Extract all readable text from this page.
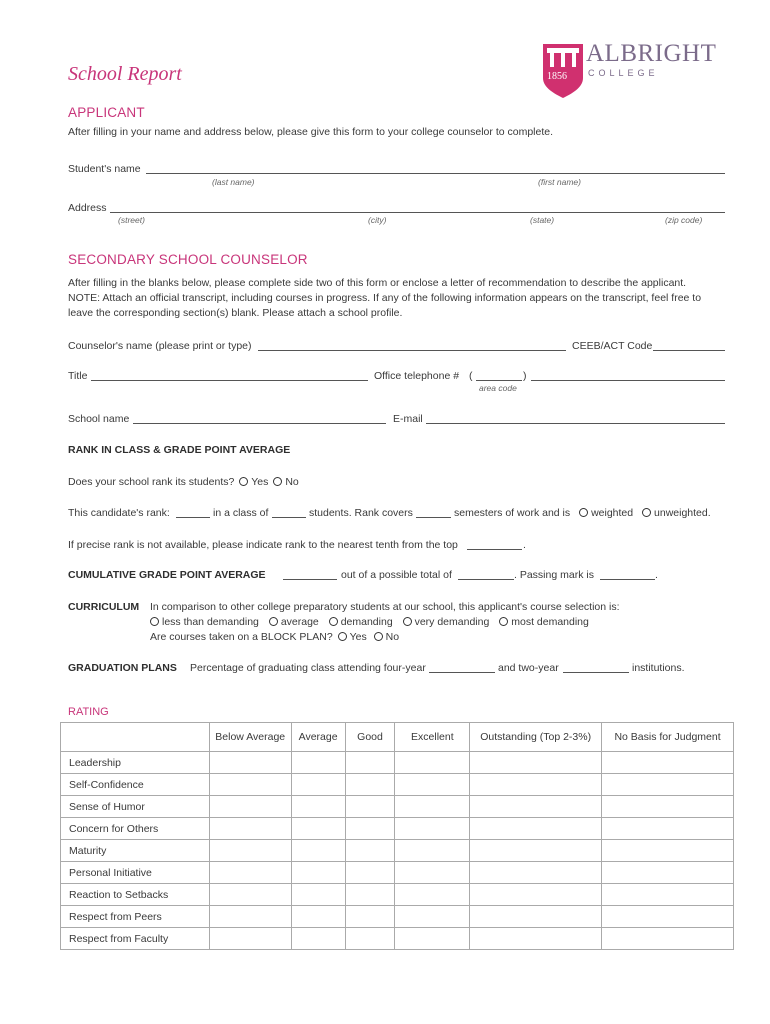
School Report	1856
ALBRIGHT
COLLEGE
APPLICANT
After filling in your name and address below, please give this form to your college counselor to complete.
Student's name
(last name)	(first name)
Address
(street)	(city)	(state)	(zip code)
SECONDARY SCHOOL COUNSELOR
After filling in the blanks below, please complete side two of this form or enclose a letter of recommendation to describe the applicant.
NOTE: Attach an official transcript, including courses in progress. If any of the following information appears on the transcript, feel free to
leave the corresponding section(s) blank. Please attach a school profile.
Counselor's name (please print or type)	CEEB/ACT Code
Title	Office telephone # (	)
area code
School name	E-mail
RANK IN CLASS & GRADE POINT AVERAGE
Does your school rank its students? Yes No
This candidate's rank:	in a class of	students. Rank covers	semesters of work and is weighted unweighted.
If precise rank is not available, please indicate rank to the nearest tenth from the top	.
CUMULATIVE GRADE POINT AVERAGE	out of a possible total of	. Passing mark is	.
CURRICULUM In comparison to other college preparatory students at our school, this applicant's course selection is:
less than demanding average demanding very demanding most demanding
Are courses taken on a BLOCK PLAN? Yes No
GRADUATION PLANS Percentage of graduating class attending four-year	and two-year	institutions.
RATING
	Below Average	Average	Good	Excellent	Outstanding (Top 2-3%)	No Basis for Judgment
Leadership						
Self-Confidence						
Sense of Humor						
Concern for Others						
Maturity						
Personal Initiative						
Reaction to Setbacks						
Respect from Peers						
Respect from Faculty						
